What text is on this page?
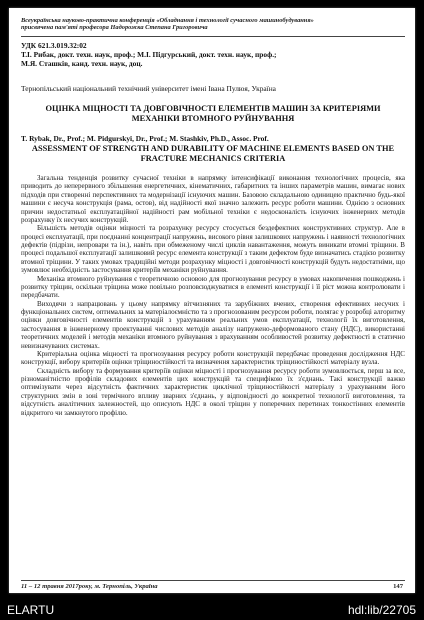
Всеукраїнська науково-практична конференція «Обладнання і технології сучасного машинобудування»
присвячена пам'яті професора Надорожка Степана Григоровича
УДК 621.3.019.32:02
Т.І. Рибак, докт. техн. наук, проф.; М.І. Підгурський, докт. техн. наук, проф.;
М.Я. Сташків, канд. техн. наук, доц.
Тернопільський національний технічний університет імені Івана Пулюя, Україна
ОЦІНКА МІЦНОСТІ ТА ДОВГОВІЧНОСТІ ЕЛЕМЕНТІВ МАШИН ЗА КРИТЕРІЯМИ МЕХАНІКИ ВТОМНОГО РУЙНУВАННЯ
T. Rybak, Dr., Prof.; M. Pidgurskyi, Dr., Prof.; M. Stashkiv, Ph.D., Assoc. Prof.
ASSESSMENT OF STRENGTH AND DURABILITY OF MACHINE ELEMENTS BASED ON THE FRACTURE MECHANICS CRITERIA

Загальна тенденція розвитку сучасної техніки в напрямку інтенсифікації виконання технологічних процесів, яка приводить до неперервного збільшення енергетичних, кінематичних, габаритних та інших параметрів машин, вимагає нових підходів при створенні перспективних та модернізації існуючих машин. Базовою складальною одиницею практично будь-якої машини є несуча конструкція (рама, остов), від надійності якої значно залежить ресурс роботи машини. Однією з основних причин недостатньої експлуатаційної надійності рам мобільної техніки є недосконалість існуючих інженерних методів розрахунку їх несучих конструкцій.

Більшість методів оцінки міцності та розрахунку ресурсу стосується бездефектних конструктивних структур. Але в процесі експлуатації, при поєднанні концентрації напружень, високого рівня залишкових напружень і наявності технологічних дефектів (підрізи, непровари та ін.), навіть при обмеженому числі циклів навантаження, можуть виникати втомні тріщини. В процесі подальшої експлуатації залишковий ресурс елемента конструкції з таким дефектом буде визначатись стадією розвитку втомної тріщини. У таких умовах традиційні методи розрахунку міцності і довговічності конструкцій будуть недостатніми, що зумовлює необхідність застосування критеріїв механіки руйнування.

Механіка втомного руйнування є теоретичною основою для прогнозування ресурсу в умовах накопичення пошкоджень і розвитку тріщин, оскільки тріщина може повільно розповсюджуватися в елементі конструкції і її ріст можна контролювати і передбачати.

Виходячи з напрацювань у цьому напрямку вітчизняних та зарубіжних вчених, створення ефективних несучих і функціональних систем, оптимальних за матеріалоємністю та з прогнозованим ресурсом роботи, полягає у розробці алгоритму оцінки довговічності елементів конструкцій з урахуванням реальних умов експлуатації, технології їх виготовлення, застосування в інженерному проектуванні числових методів аналізу напружено-деформованого стану (НДС), використанні теоретичних моделей і методів механіки втомного руйнування з врахуванням особливостей розвитку дефектності в статично невизначуваних системах.

Критеріальна оцінка міцності та прогнозування ресурсу роботи конструкцій передбачає проведення дослідження НДС конструкції, вибору критеріїв оцінки тріщиностійкості та визначення характеристик тріщиностійкості матеріалу вузла.

Складність вибору та формування критеріїв оцінки міцності і прогнозування ресурсу роботи зумовлюється, перш за все, різноманітністю профілів складових елементів цих конструкцій та специфікою їх з'єднань. Такі конструкції важко оптимізувати через відсутність фактичних характеристик циклічної тріщиностійкості матеріалу з урахуванням його структурних змін в зоні термічного впливу зварних з'єднань, у відповідності до конкретної технології виготовлення, та відсутність аналітичних залежностей, що описують НДС в околі тріщин у поперечних перетинах тонкостінних елементів відкритого чи замкнутого профілю.

11 – 12 травня 2017року, м. Тернопіль, Україна	147
ELARTU	hdl:lib/22705
